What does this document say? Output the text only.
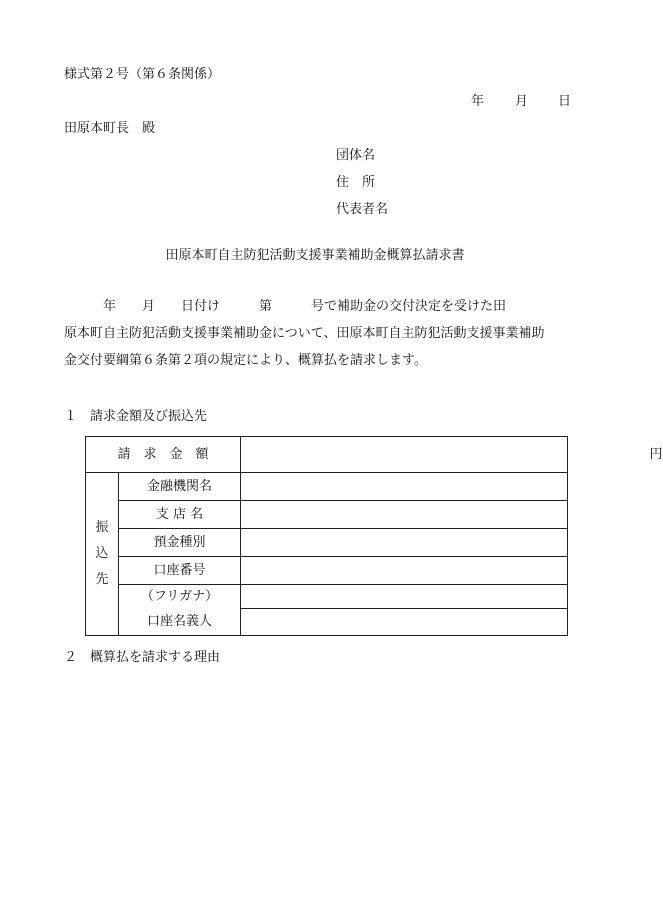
様式第２号（第６条関係）
年 月 日
田原本町長　殿
団体名
住　所
代表者名
田原本町自主防犯活動支援事業補助金概算払請求書
　　　年　　月　　日付け　　　第　　　号で補助金の交付決定を受けた田
原本町自主防犯活動支援事業補助金について、田原本町自主防犯活動支援事業補助
金交付要綱第６条第２項の規定により、概算払を請求します。
１　請求金額及び振込先
請　求　金　額		円

振
込
先	金融機関名	
	支 店 名	
	預金種別	
	口座番号	
	（フリガナ）	
	口座名義人	
２　概算払を請求する理由
